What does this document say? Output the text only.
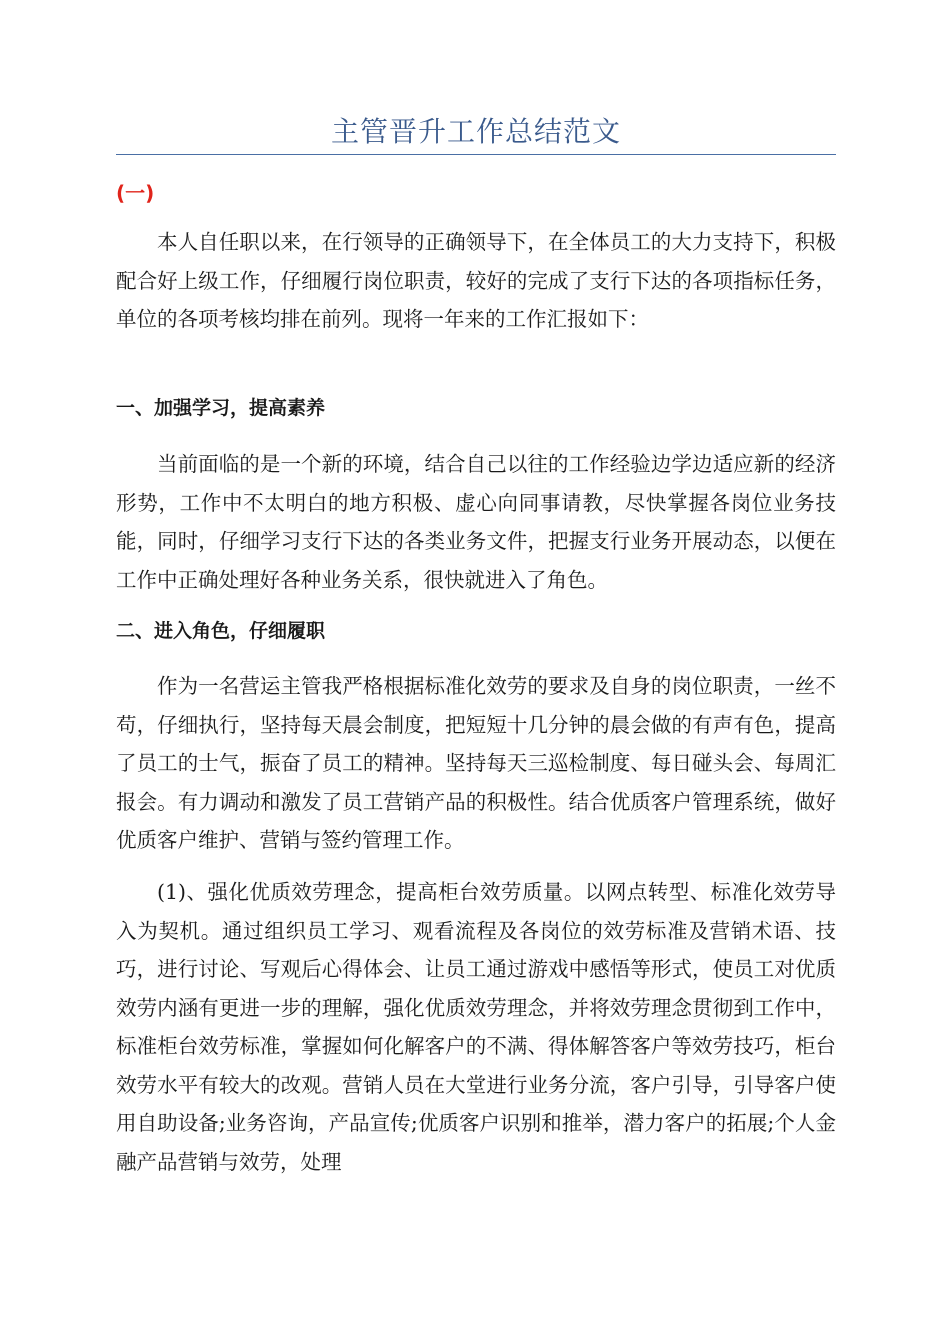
主管晋升工作总结范文
(一)

本人自任职以来，在行领导的正确领导下，在全体员工的大力支持下，积极配合好上级工作，仔细履行岗位职责，较好的完成了支行下达的各项指标任务，单位的各项考核均排在前列。现将一年来的工作汇报如下：

一、加强学习，提高素养

当前面临的是一个新的环境，结合自己以往的工作经验边学边适应新的经济形势，工作中不太明白的地方积极、虚心向同事请教，尽快掌握各岗位业务技能，同时，仔细学习支行下达的各类业务文件，把握支行业务开展动态，以便在工作中正确处理好各种业务关系，很快就进入了角色。

二、进入角色，仔细履职

作为一名营运主管我严格根据标准化效劳的要求及自身的岗位职责，一丝不苟，仔细执行，坚持每天晨会制度，把短短十几分钟的晨会做的有声有色，提高了员工的士气，振奋了员工的精神。坚持每天三巡检制度、每日碰头会、每周汇报会。有力调动和激发了员工营销产品的积极性。结合优质客户管理系统，做好优质客户维护、营销与签约管理工作。

(1)、强化优质效劳理念，提高柜台效劳质量。以网点转型、标准化效劳导入为契机。通过组织员工学习、观看流程及各岗位的效劳标准及营销术语、技巧，进行讨论、写观后心得体会、让员工通过游戏中感悟等形式，使员工对优质效劳内涵有更进一步的理解，强化优质效劳理念，并将效劳理念贯彻到工作中，标准柜台效劳标准，掌握如何化解客户的不满、得体解答客户等效劳技巧，柜台效劳水平有较大的改观。营销人员在大堂进行业务分流，客户引导，引导客户使用自助设备;业务咨询，产品宣传;优质客户识别和推举，潜力客户的拓展;个人金融产品营销与效劳，处理
